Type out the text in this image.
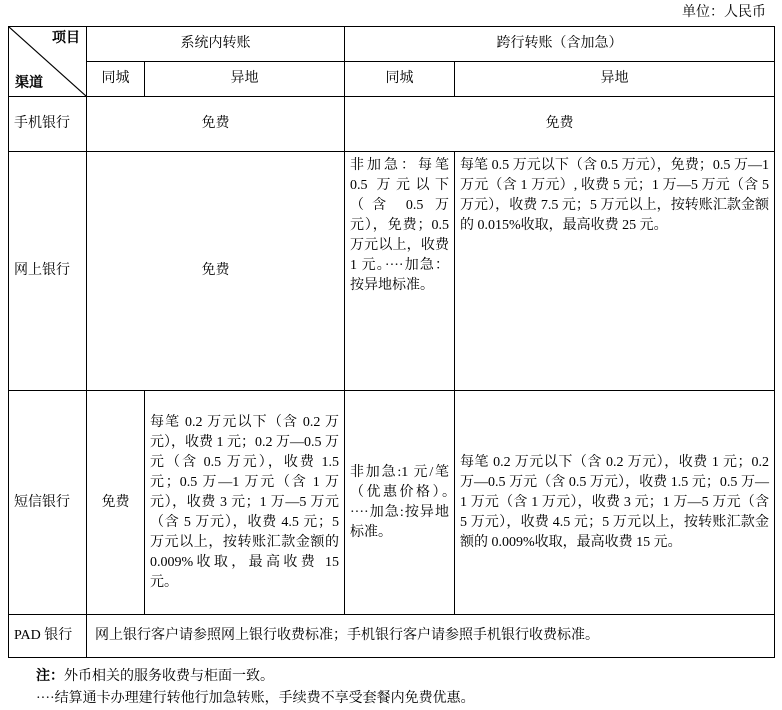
单位：人民币
项目
渠道	系统内转账		跨行转账（含加急）	
	同城	异地	同城	异地
手机银行	免费		免费	
网上银行	免费		非加急：每笔 0.5 万元以下（含 0.5 万元），免费；0.5 万元以上，收费 1 元。····加急：按异地标准。	每笔 0.5 万元以下（含 0.5 万元），免费；0.5 万—1 万元（含 1 万元）, 收费 5 元；1 万—5 万元（含 5 万元），收费 7.5 元；5 万元以上，按转账汇款金额的 0.015%收取，最高收费 25 元。
短信银行	免费	每笔 0.2 万元以下（含 0.2 万元），收费 1 元；0.2 万—0.5 万元（含 0.5 万元），收费 1.5 元；0.5 万—1 万元（含 1 万元），收费 3 元；1 万—5 万元（含 5 万元），收费 4.5 元；5 万元以上，按转账汇款金额的 0.009%收取，最高收费 15 元。	非加急:1 元/笔（优惠价格）。····加急:按异地标准。	每笔 0.2 万元以下（含 0.2 万元），收费 1 元；0.2 万—0.5 万元（含 0.5 万元），收费 1.5 元；0.5 万—1 万元（含 1 万元），收费 3 元；1 万—5 万元（含 5 万元），收费 4.5 元；5 万元以上，按转账汇款金额的 0.009%收取，最高收费 15 元。
PAD 银行	网上银行客户请参照网上银行收费标准；手机银行客户请参照手机银行收费标准。			
注：外币相关的服务收费与柜面一致。
····结算通卡办理建行转他行加急转账，手续费不享受套餐内免费优惠。
